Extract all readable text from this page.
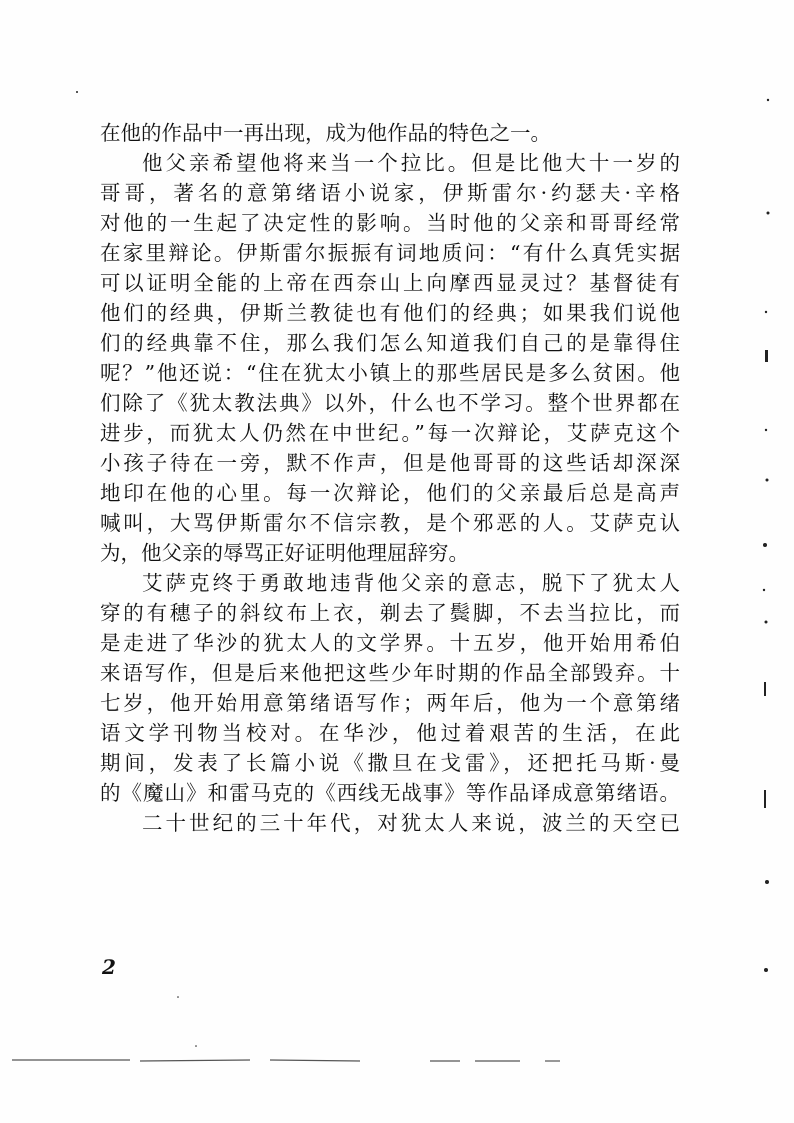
在他的作品中一再出现，成为他作品的特色之一。
他父亲希望他将来当一个拉比。但是比他大十一岁的
哥哥，著名的意第绪语小说家，伊斯雷尔·约瑟夫·辛格
对他的一生起了决定性的影响。当时他的父亲和哥哥经常
在家里辩论。伊斯雷尔振振有词地质问：“有什么真凭实据
可以证明全能的上帝在西奈山上向摩西显灵过？基督徒有
他们的经典，伊斯兰教徒也有他们的经典；如果我们说他
们的经典靠不住，那么我们怎么知道我们自己的是靠得住
呢？”他还说：“住在犹太小镇上的那些居民是多么贫困。他
们除了《犹太教法典》以外，什么也不学习。整个世界都在
进步，而犹太人仍然在中世纪。”每一次辩论，艾萨克这个
小孩子待在一旁，默不作声，但是他哥哥的这些话却深深
地印在他的心里。每一次辩论，他们的父亲最后总是高声
喊叫，大骂伊斯雷尔不信宗教，是个邪恶的人。艾萨克认
为，他父亲的辱骂正好证明他理屈辞穷。
艾萨克终于勇敢地违背他父亲的意志，脱下了犹太人
穿的有穗子的斜纹布上衣，剃去了鬓脚，不去当拉比，而
是走进了华沙的犹太人的文学界。十五岁，他开始用希伯
来语写作，但是后来他把这些少年时期的作品全部毁弃。十
七岁，他开始用意第绪语写作；两年后，他为一个意第绪
语文学刊物当校对。在华沙，他过着艰苦的生活，在此
期间，发表了长篇小说《撒旦在戈雷》，还把托马斯·曼
的《魔山》和雷马克的《西线无战事》等作品译成意第绪语。
二十世纪的三十年代，对犹太人来说，波兰的天空已
2
